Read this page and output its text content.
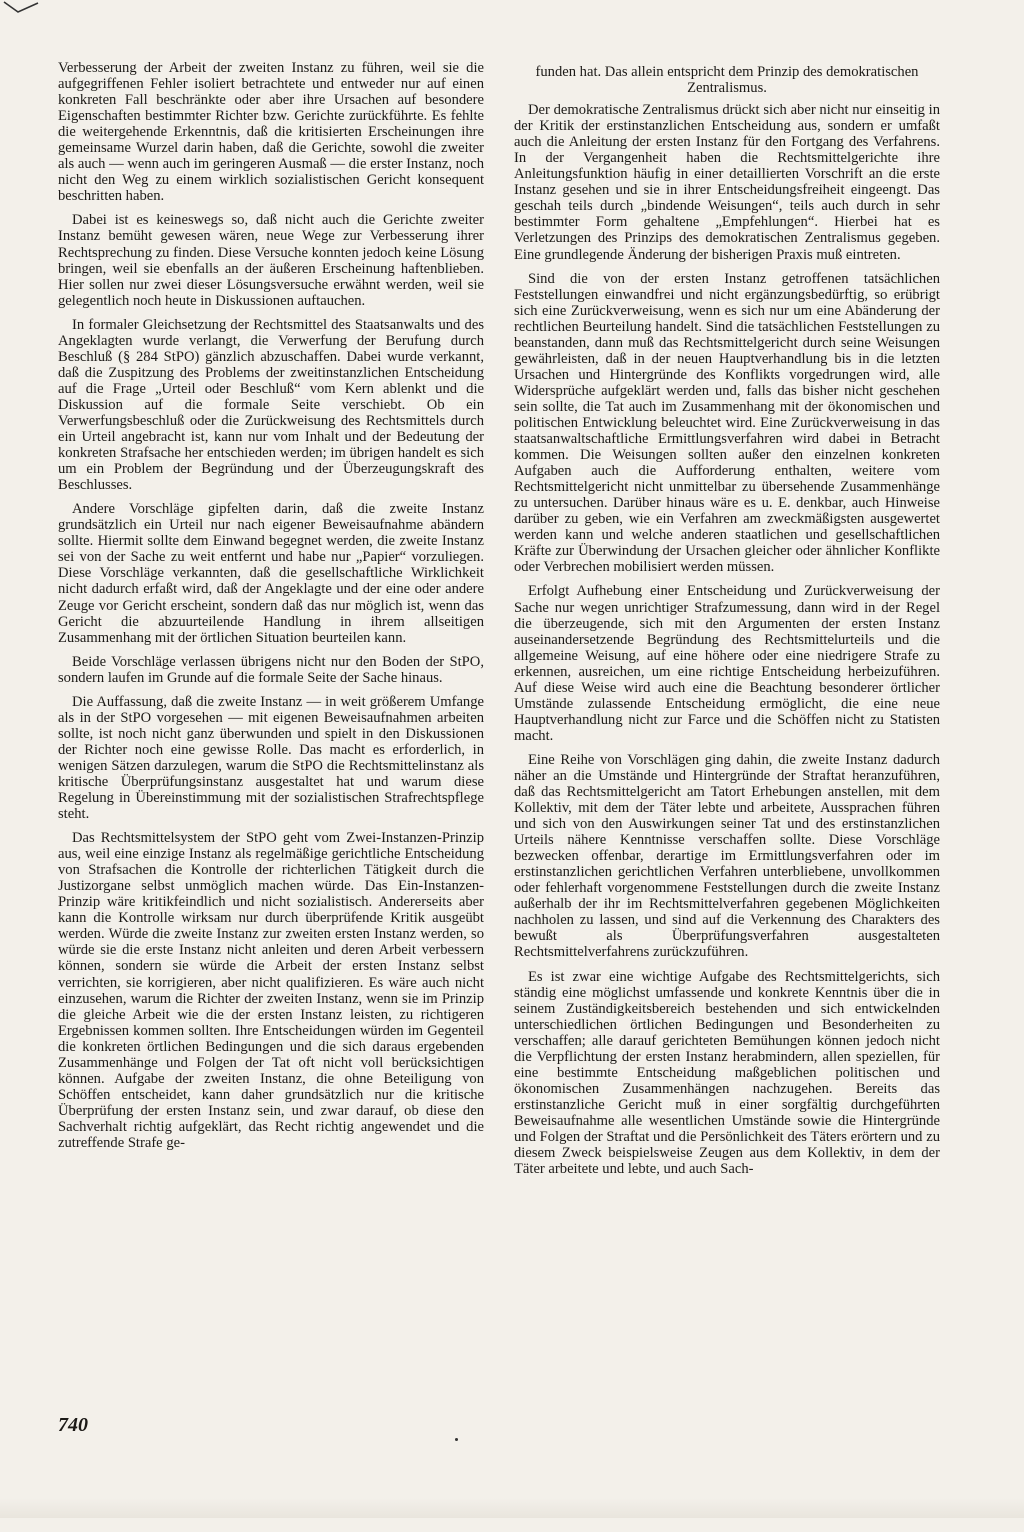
Verbesserung der Arbeit der zweiten Instanz zu führen, weil sie die aufgegriffenen Fehler isoliert betrachtete und entweder nur auf einen konkreten Fall beschränkte oder aber ihre Ursachen auf besondere Eigenschaften bestimmter Richter bzw. Gerichte zurückführte. Es fehlte die weitergehende Erkenntnis, daß die kritisierten Erscheinungen ihre gemeinsame Wurzel darin haben, daß die Gerichte, sowohl die zweiter als auch — wenn auch im geringeren Ausmaß — die erster Instanz, noch nicht den Weg zu einem wirklich sozialistischen Gericht konsequent beschritten haben.

Dabei ist es keineswegs so, daß nicht auch die Gerichte zweiter Instanz bemüht gewesen wären, neue Wege zur Verbesserung ihrer Rechtsprechung zu finden. Diese Versuche konnten jedoch keine Lösung bringen, weil sie ebenfalls an der äußeren Erscheinung haftenblieben. Hier sollen nur zwei dieser Lösungsversuche erwähnt werden, weil sie gelegentlich noch heute in Diskussionen auftauchen.

In formaler Gleichsetzung der Rechtsmittel des Staatsanwalts und des Angeklagten wurde verlangt, die Verwerfung der Berufung durch Beschluß (§ 284 StPO) gänzlich abzuschaffen. Dabei wurde verkannt, daß die Zuspitzung des Problems der zweitinstanzlichen Entscheidung auf die Frage „Urteil oder Beschluß“ vom Kern ablenkt und die Diskussion auf die formale Seite verschiebt. Ob ein Verwerfungsbeschluß oder die Zurückweisung des Rechtsmittels durch ein Urteil angebracht ist, kann nur vom Inhalt und der Bedeutung der konkreten Strafsache her entschieden werden; im übrigen handelt es sich um ein Problem der Begründung und der Überzeugungskraft des Beschlusses.

Andere Vorschläge gipfelten darin, daß die zweite Instanz grundsätzlich ein Urteil nur nach eigener Beweisaufnahme abändern sollte. Hiermit sollte dem Einwand begegnet werden, die zweite Instanz sei von der Sache zu weit entfernt und habe nur „Papier“ vorzuliegen. Diese Vorschläge verkannten, daß die gesellschaftliche Wirklichkeit nicht dadurch erfaßt wird, daß der Angeklagte und der eine oder andere Zeuge vor Gericht erscheint, sondern daß das nur möglich ist, wenn das Gericht die abzuurteilende Handlung in ihrem allseitigen Zusammenhang mit der örtlichen Situation beurteilen kann.

Beide Vorschläge verlassen übrigens nicht nur den Boden der StPO, sondern laufen im Grunde auf die formale Seite der Sache hinaus.

Die Auffassung, daß die zweite Instanz — in weit größerem Umfange als in der StPO vorgesehen — mit eigenen Beweisaufnahmen arbeiten sollte, ist noch nicht ganz überwunden und spielt in den Diskussionen der Richter noch eine gewisse Rolle. Das macht es erforderlich, in wenigen Sätzen darzulegen, warum die StPO die Rechtsmittelinstanz als kritische Überprüfungsinstanz ausgestaltet hat und warum diese Regelung in Übereinstimmung mit der sozialistischen Strafrechtspflege steht.

Das Rechtsmittelsystem der StPO geht vom Zwei-Instanzen-Prinzip aus, weil eine einzige Instanz als regelmäßige gerichtliche Entscheidung von Strafsachen die Kontrolle der richterlichen Tätigkeit durch die Justizorgane selbst unmöglich machen würde. Das Ein-Instanzen-Prinzip wäre kritikfeindlich und nicht sozialistisch. Andererseits aber kann die Kontrolle wirksam nur durch überprüfende Kritik ausgeübt werden. Würde die zweite Instanz zur zweiten ersten Instanz werden, so würde sie die erste Instanz nicht anleiten und deren Arbeit verbessern können, sondern sie würde die Arbeit der ersten Instanz selbst verrichten, sie korrigieren, aber nicht qualifizieren. Es wäre auch nicht einzusehen, warum die Richter der zweiten Instanz, wenn sie im Prinzip die gleiche Arbeit wie die der ersten Instanz leisten, zu richtigeren Ergebnissen kommen sollten. Ihre Entscheidungen würden im Gegenteil die konkreten örtlichen Bedingungen und die sich daraus ergebenden Zusammenhänge und Folgen der Tat oft nicht voll berücksichtigen können. Aufgabe der zweiten Instanz, die ohne Beteiligung von Schöffen entscheidet, kann daher grundsätzlich nur die kritische Überprüfung der ersten Instanz sein, und zwar darauf, ob diese den Sachverhalt richtig aufgeklärt, das Recht richtig angewendet und die zutreffende Strafe ge-

funden hat. Das allein entspricht dem Prinzip des demokratischen Zentralismus.

Der demokratische Zentralismus drückt sich aber nicht nur einseitig in der Kritik der erstinstanzlichen Entscheidung aus, sondern er umfaßt auch die Anleitung der ersten Instanz für den Fortgang des Verfahrens. In der Vergangenheit haben die Rechtsmittelgerichte ihre Anleitungsfunktion häufig in einer detaillierten Vorschrift an die erste Instanz gesehen und sie in ihrer Entscheidungsfreiheit eingeengt. Das geschah teils durch „bindende Weisungen“, teils auch durch in sehr bestimmter Form gehaltene „Empfehlungen“. Hierbei hat es Verletzungen des Prinzips des demokratischen Zentralismus gegeben. Eine grundlegende Änderung der bisherigen Praxis muß eintreten.

Sind die von der ersten Instanz getroffenen tatsächlichen Feststellungen einwandfrei und nicht ergänzungsbedürftig, so erübrigt sich eine Zurückverweisung, wenn es sich nur um eine Abänderung der rechtlichen Beurteilung handelt. Sind die tatsächlichen Feststellungen zu beanstanden, dann muß das Rechtsmittelgericht durch seine Weisungen gewährleisten, daß in der neuen Hauptverhandlung bis in die letzten Ursachen und Hintergründe des Konflikts vorgedrungen wird, alle Widersprüche aufgeklärt werden und, falls das bisher nicht geschehen sein sollte, die Tat auch im Zusammenhang mit der ökonomischen und politischen Entwicklung beleuchtet wird. Eine Zurückverweisung in das staatsanwaltschaftliche Ermittlungsverfahren wird dabei in Betracht kommen. Die Weisungen sollten außer den einzelnen konkreten Aufgaben auch die Aufforderung enthalten, weitere vom Rechtsmittelgericht nicht unmittelbar zu übersehende Zusammenhänge zu untersuchen. Darüber hinaus wäre es u. E. denkbar, auch Hinweise darüber zu geben, wie ein Verfahren am zweckmäßigsten ausgewertet werden kann und welche anderen staatlichen und gesellschaftlichen Kräfte zur Überwindung der Ursachen gleicher oder ähnlicher Konflikte oder Verbrechen mobilisiert werden müssen.

Erfolgt Aufhebung einer Entscheidung und Zurückverweisung der Sache nur wegen unrichtiger Strafzumessung, dann wird in der Regel die überzeugende, sich mit den Argumenten der ersten Instanz auseinandersetzende Begründung des Rechtsmittelurteils und die allgemeine Weisung, auf eine höhere oder eine niedrigere Strafe zu erkennen, ausreichen, um eine richtige Entscheidung herbeizuführen. Auf diese Weise wird auch eine die Beachtung besonderer örtlicher Umstände zulassende Entscheidung ermöglicht, die eine neue Hauptverhandlung nicht zur Farce und die Schöffen nicht zu Statisten macht.

Eine Reihe von Vorschlägen ging dahin, die zweite Instanz dadurch näher an die Umstände und Hintergründe der Straftat heranzuführen, daß das Rechtsmittelgericht am Tatort Erhebungen anstellen, mit dem Kollektiv, mit dem der Täter lebte und arbeitete, Aussprachen führen und sich von den Auswirkungen seiner Tat und des erstinstanzlichen Urteils nähere Kenntnisse verschaffen sollte. Diese Vorschläge bezwecken offenbar, derartige im Ermittlungsverfahren oder im erstinstanzlichen gerichtlichen Verfahren unterbliebene, unvollkommen oder fehlerhaft vorgenommene Feststellungen durch die zweite Instanz außerhalb der ihr im Rechtsmittelverfahren gegebenen Möglichkeiten nachholen zu lassen, und sind auf die Verkennung des Charakters des bewußt als Überprüfungsverfahren ausgestalteten Rechtsmittelverfahrens zurückzuführen.

Es ist zwar eine wichtige Aufgabe des Rechtsmittelgerichts, sich ständig eine möglichst umfassende und konkrete Kenntnis über die in seinem Zuständigkeitsbereich bestehenden und sich entwickelnden unterschiedlichen örtlichen Bedingungen und Besonderheiten zu verschaffen; alle darauf gerichteten Bemühungen können jedoch nicht die Verpflichtung der ersten Instanz herabmindern, allen speziellen, für eine bestimmte Entscheidung maßgeblichen politischen und ökonomischen Zusammenhängen nachzugehen. Bereits das erstinstanzliche Gericht muß in einer sorgfältig durchgeführten Beweisaufnahme alle wesentlichen Umstände sowie die Hintergründe und Folgen der Straftat und die Persönlichkeit des Täters erörtern und zu diesem Zweck beispielsweise Zeugen aus dem Kollektiv, in dem der Täter arbeitete und lebte, und auch Sach-

740
